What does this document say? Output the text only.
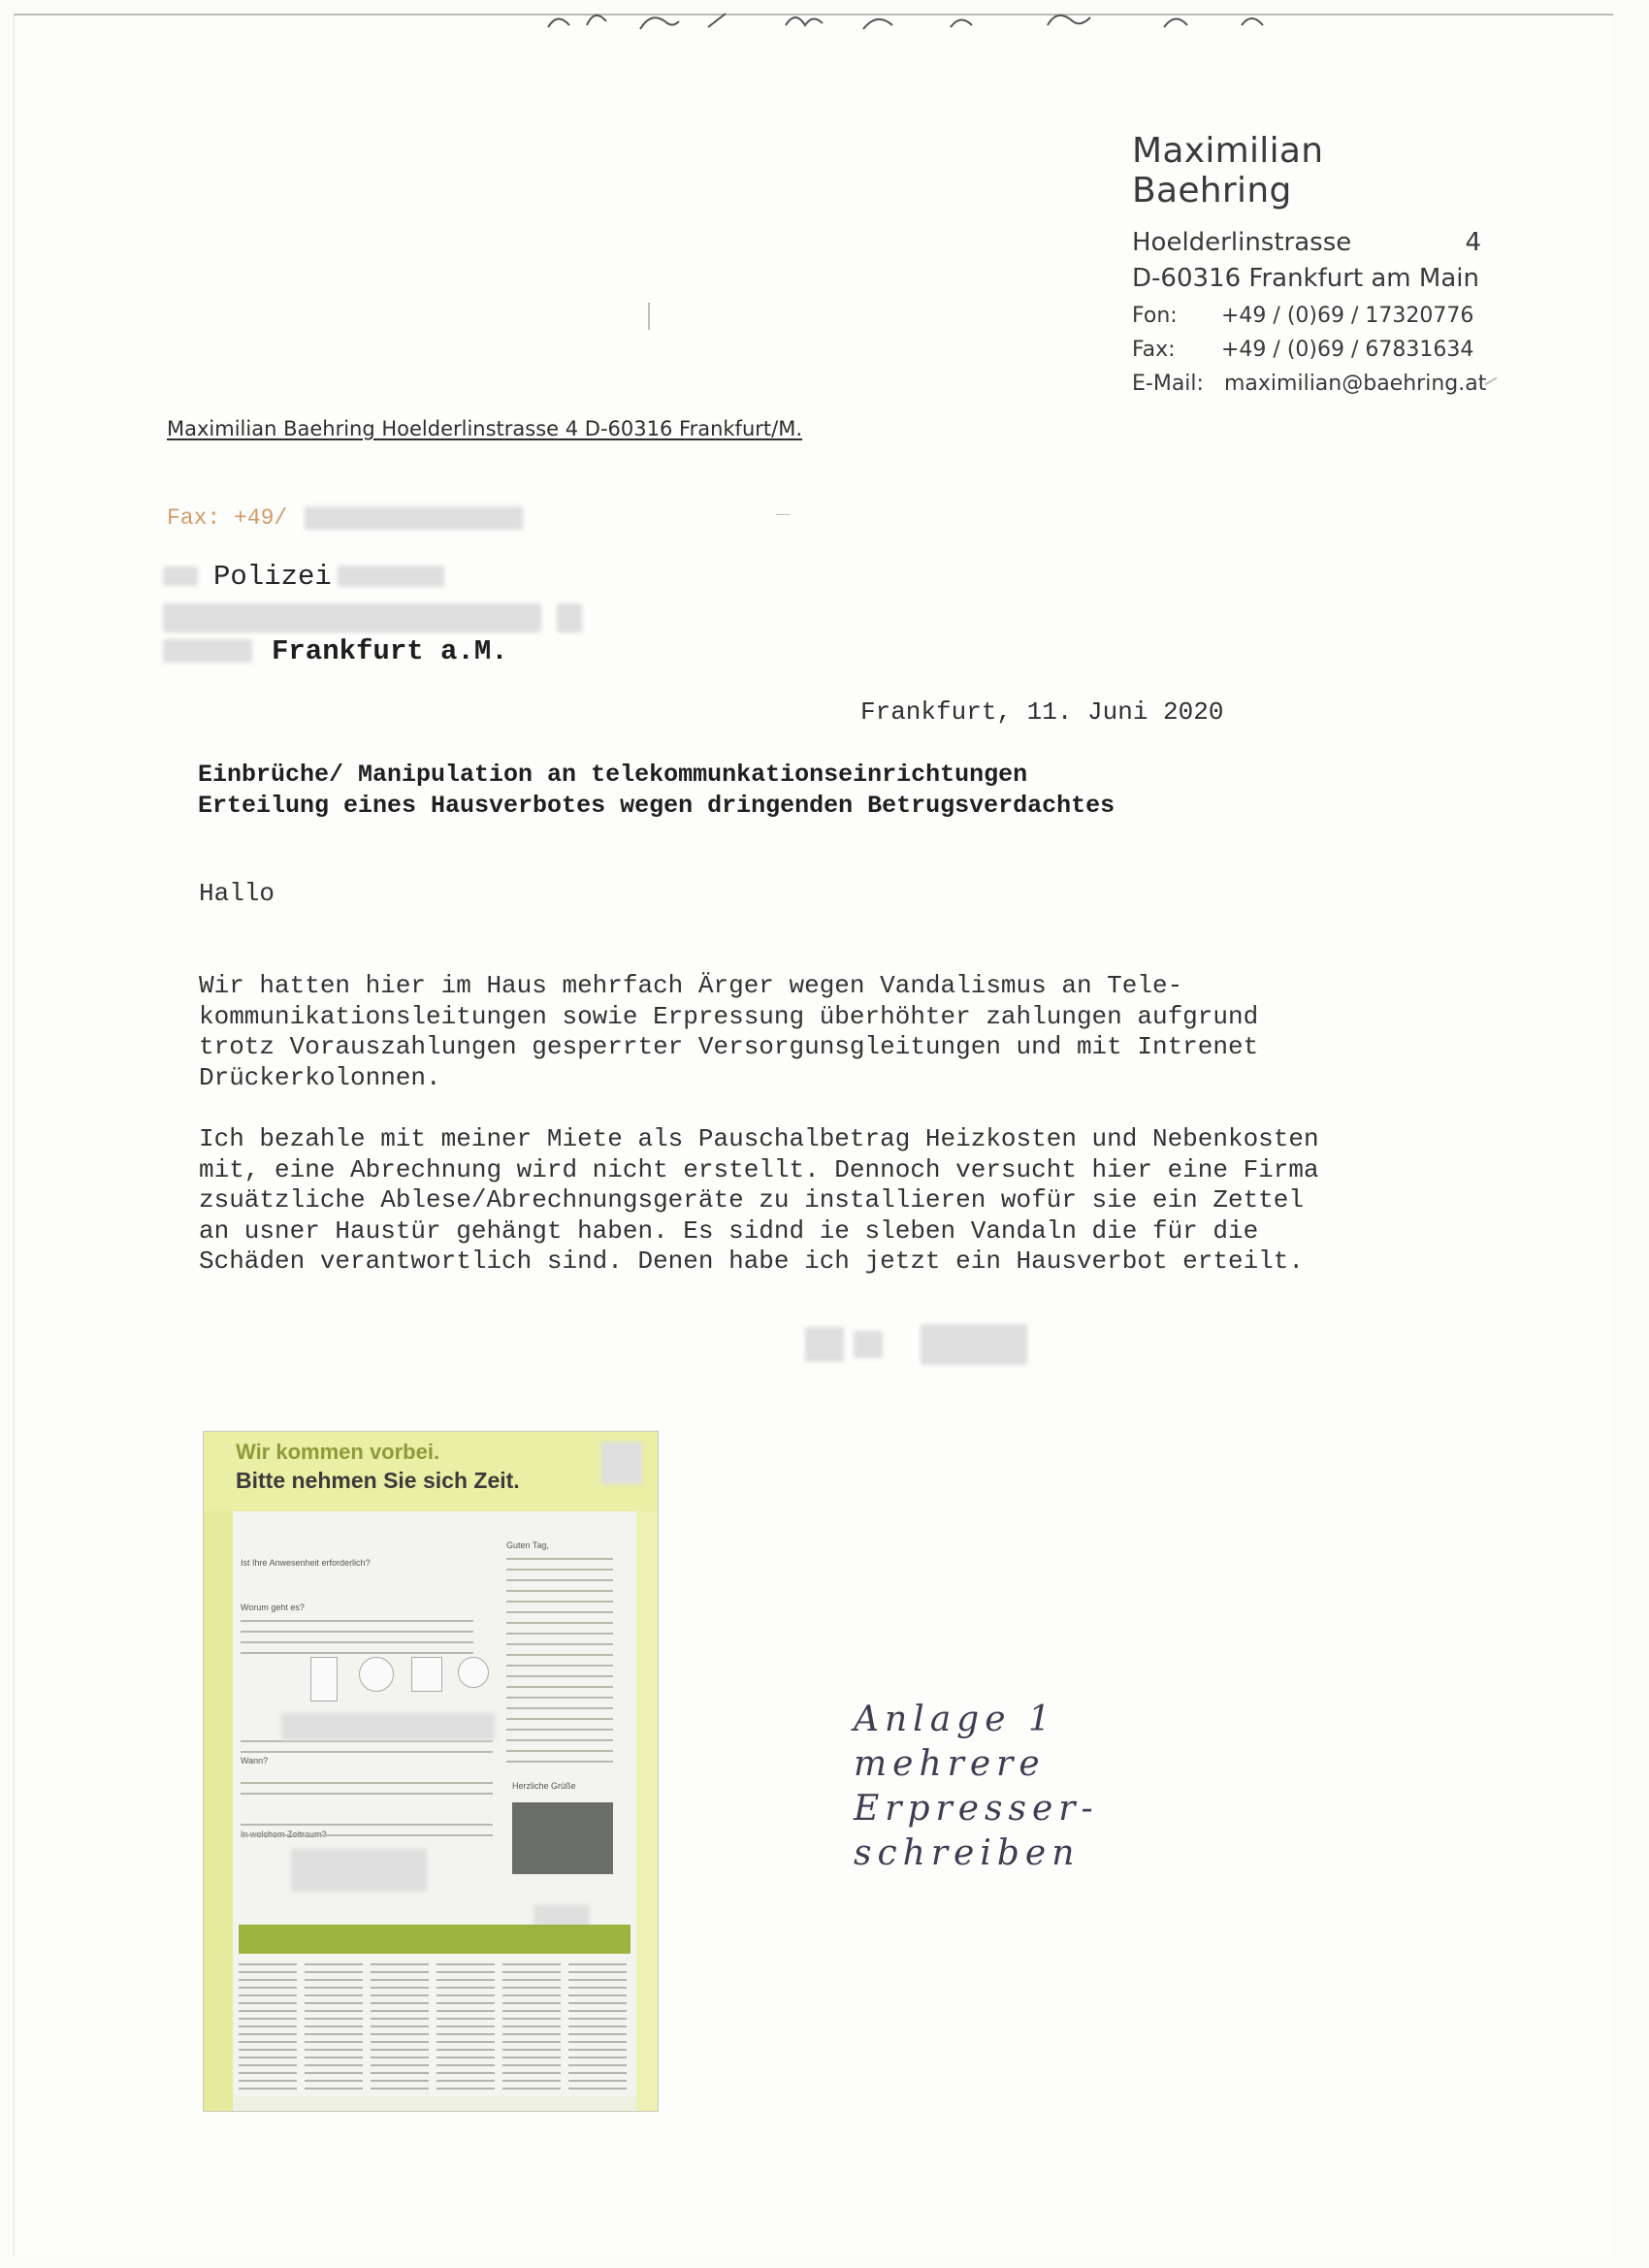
Maximilian Baehring
Hoelderlinstrasse	4
D-60316 Frankfurt am Main
Fon: +49 / (0)69 / 17320776
Fax: +49 / (0)69 / 67831634
E-Mail: maximilian@baehring.at
Maximilian Baehring Hoelderlinstrasse 4 D-60316 Frankfurt/M.
Fax: +49/
Polizei

Frankfurt a.M.
Frankfurt, 11. Juni 2020
Einbrüche/ Manipulation an telekommunkationseinrichtungen
Erteilung eines Hausverbotes wegen dringenden Betrugsverdachtes
Hallo
Wir hatten hier im Haus mehrfach Ärger wegen Vandalismus an Tele-
kommunikationsleitungen sowie Erpressung überhöhter zahlungen aufgrund
trotz Vorauszahlungen gesperrter Versorgunsgleitungen und mit Intrenet
Drückerkolonnen.
Ich bezahle mit meiner Miete als Pauschalbetrag Heizkosten und Nebenkosten
mit, eine Abrechnung wird nicht erstellt. Dennoch versucht hier eine Firma
zsuätzliche Ablese/Abrechnungsgeräte zu installieren wofür sie ein Zettel
an usner Haustür gehängt haben. Es sidnd ie sleben Vandaln die für die
Schäden verantwortlich sind. Denen habe ich jetzt ein Hausverbot erteilt.

Wir kommen vorbei.
Bitte nehmen Sie sich Zeit.
Guten Tag,
Ist Ihre Anwesenheit erforderlich?
Worum geht es?
Wann?
Herzliche Grüße
Anlage 1
mehrere
Erpresser-
schreiben
